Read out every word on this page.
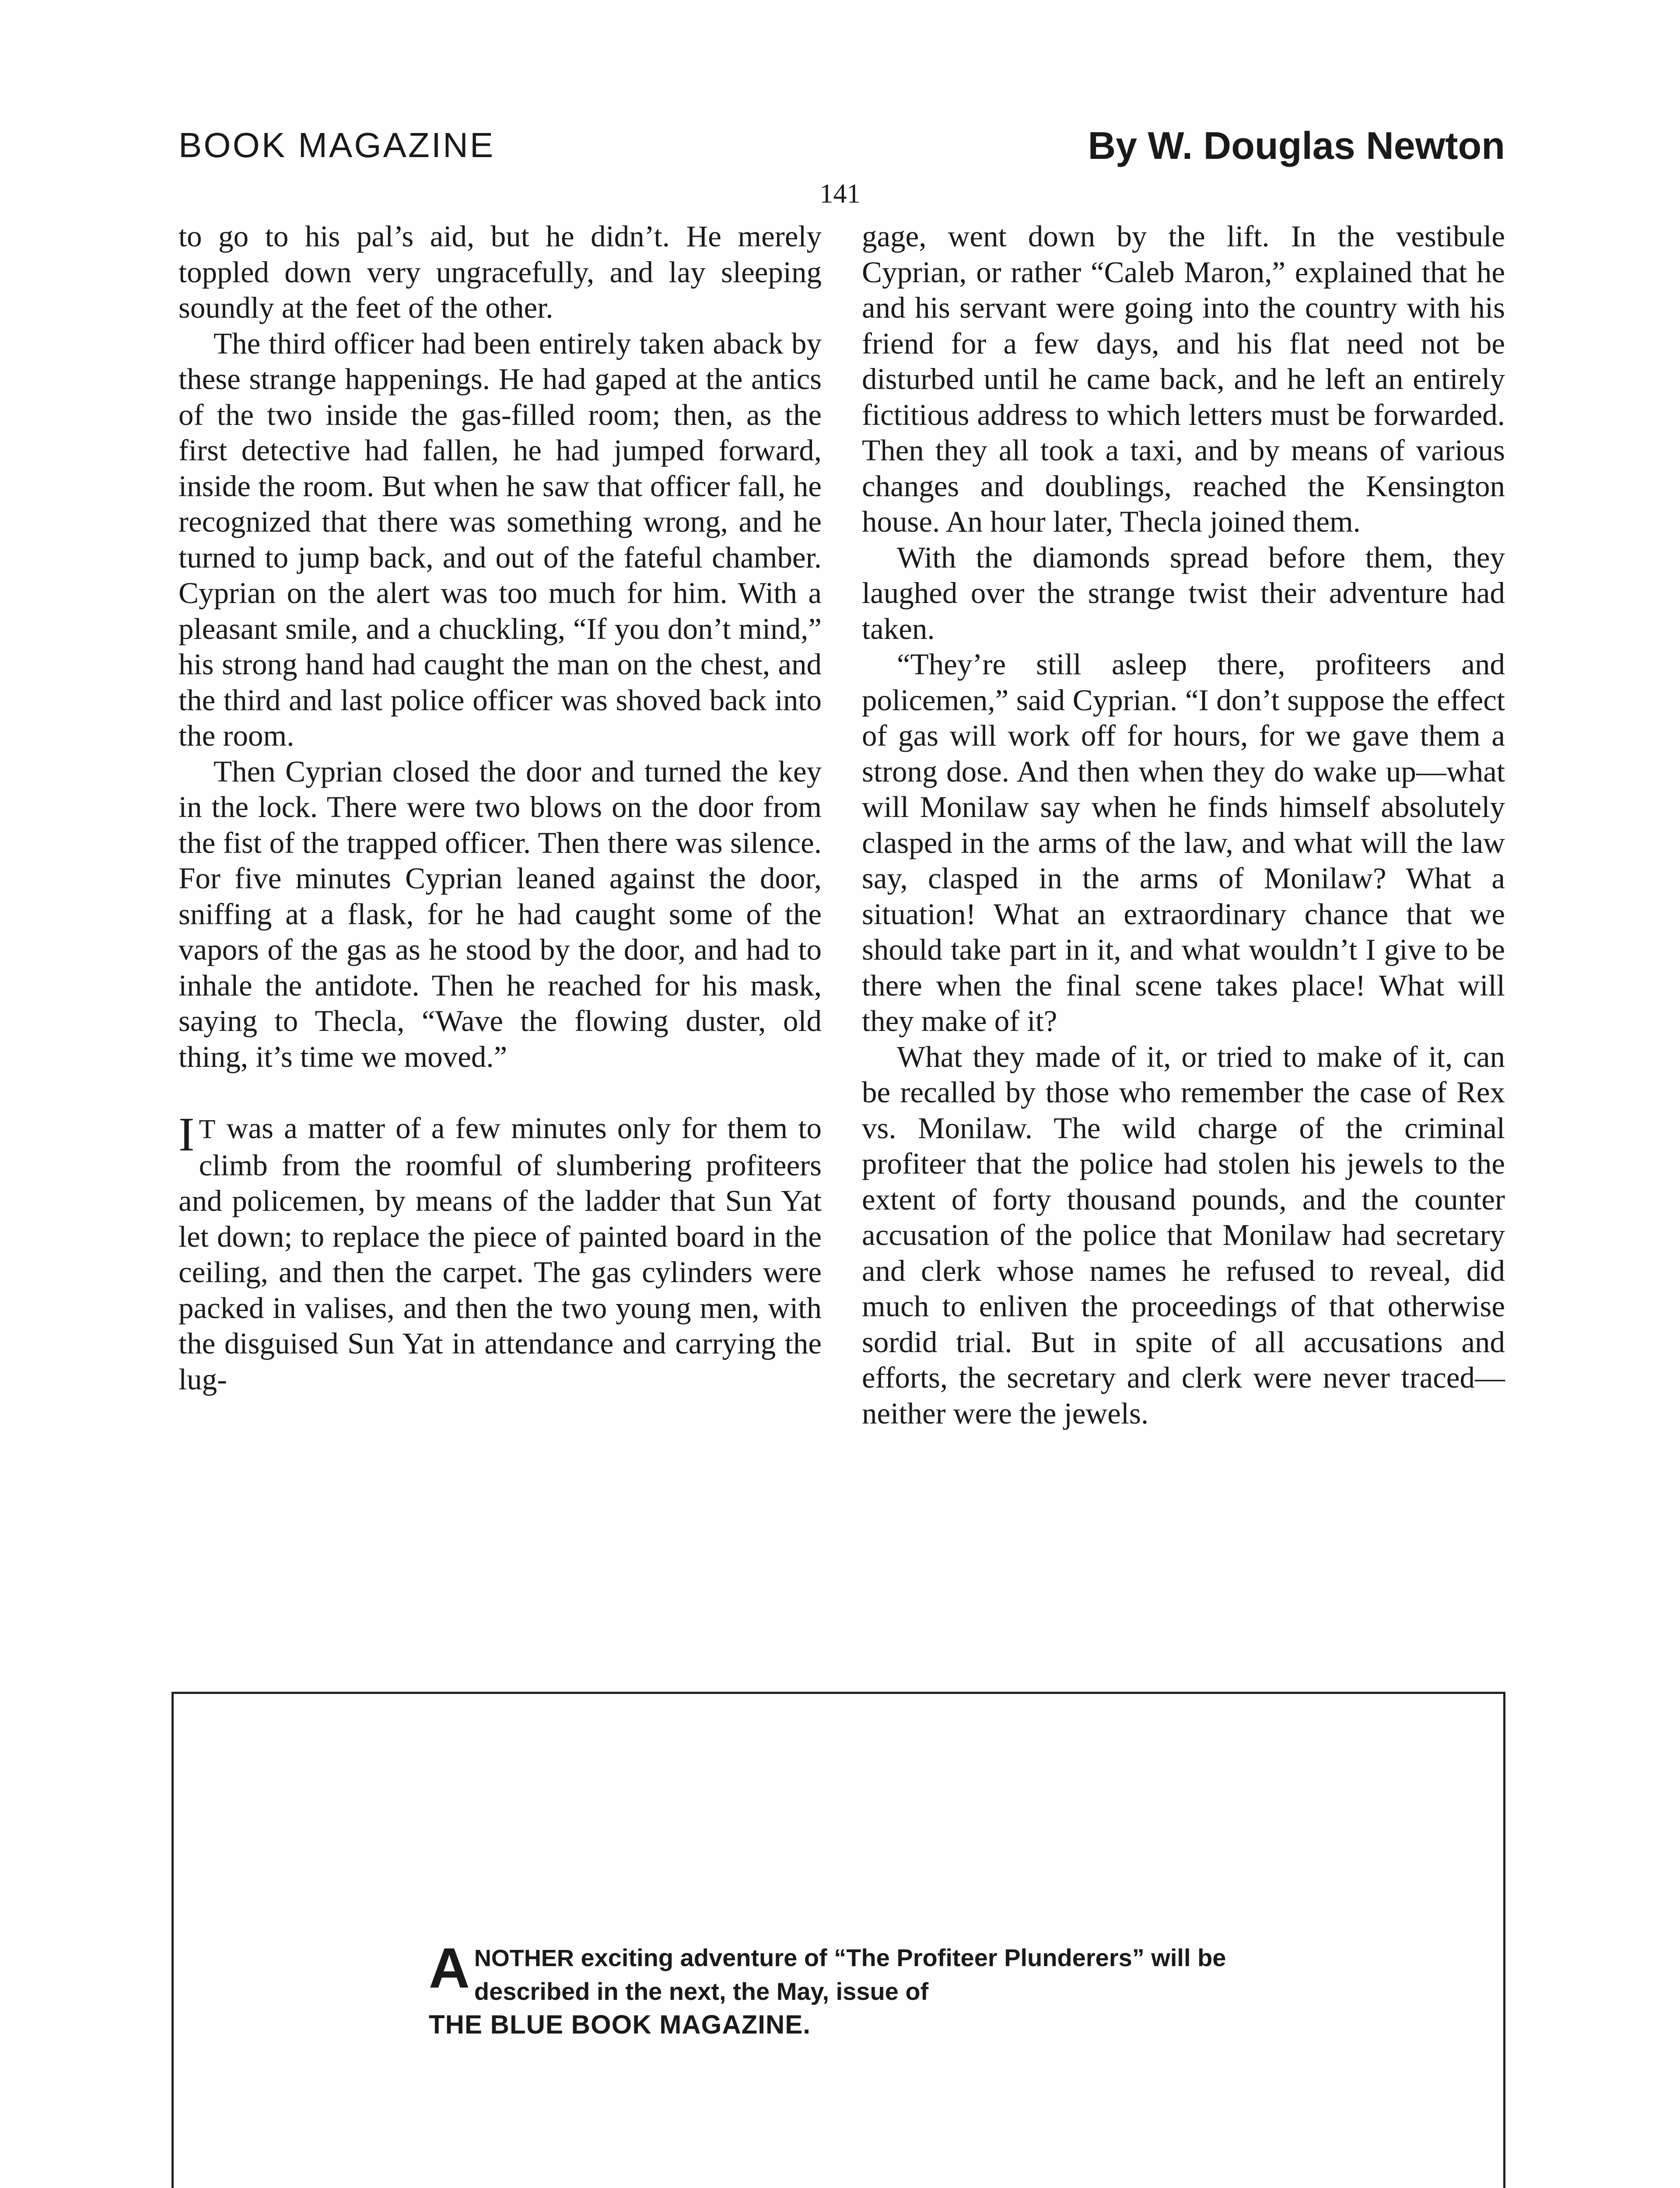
BOOK MAGAZINE	By W. Douglas Newton
141

to go to his pal’s aid, but he didn’t. He merely toppled down very ungracefully, and lay sleeping soundly at the feet of the other.

The third officer had been entirely taken aback by these strange happenings. He had gaped at the antics of the two inside the gas-filled room; then, as the first detective had fallen, he had jumped forward, inside the room. But when he saw that officer fall, he recognized that there was something wrong, and he turned to jump back, and out of the fateful chamber. Cyprian on the alert was too much for him. With a pleasant smile, and a chuckling, “If you don’t mind,” his strong hand had caught the man on the chest, and the third and last police officer was shoved back into the room.

Then Cyprian closed the door and turned the key in the lock. There were two blows on the door from the fist of the trapped officer. Then there was silence. For five minutes Cyprian leaned against the door, sniffing at a flask, for he had caught some of the vapors of the gas as he stood by the door, and had to inhale the antidote. Then he reached for his mask, saying to Thecla, “Wave the flowing duster, old thing, it’s time we moved.”

I T was a matter of a few minutes only for them to climb from the roomful of slumbering profiteers and policemen, by means of the ladder that Sun Yat let down; to replace the piece of painted board in the ceiling, and then the carpet. The gas cylinders were packed in valises, and then the two young men, with the disguised Sun Yat in attendance and carrying the lug-

gage, went down by the lift. In the vestibule Cyprian, or rather “Caleb Maron,” explained that he and his servant were going into the country with his friend for a few days, and his flat need not be disturbed until he came back, and he left an entirely fictitious address to which letters must be forwarded. Then they all took a taxi, and by means of various changes and doublings, reached the Kensington house. An hour later, Thecla joined them.

With the diamonds spread before them, they laughed over the strange twist their adventure had taken.

“They’re still asleep there, profiteers and policemen,” said Cyprian. “I don’t suppose the effect of gas will work off for hours, for we gave them a strong dose. And then when they do wake up—what will Monilaw say when he finds himself absolutely clasped in the arms of the law, and what will the law say, clasped in the arms of Monilaw? What a situation! What an extraordinary chance that we should take part in it, and what wouldn’t I give to be there when the final scene takes place! What will they make of it?

What they made of it, or tried to make of it, can be recalled by those who remember the case of Rex vs. Monilaw. The wild charge of the criminal profiteer that the police had stolen his jewels to the extent of forty thousand pounds, and the counter accusation of the police that Monilaw had secretary and clerk whose names he refused to reveal, did much to enliven the proceedings of that otherwise sordid trial. But in spite of all accusations and efforts, the secretary and clerk were never traced—neither were the jewels.

ANOTHER exciting adventure of “The Profiteer Plunderers” will be described in the next, the May, issue of
THE BLUE BOOK MAGAZINE.
